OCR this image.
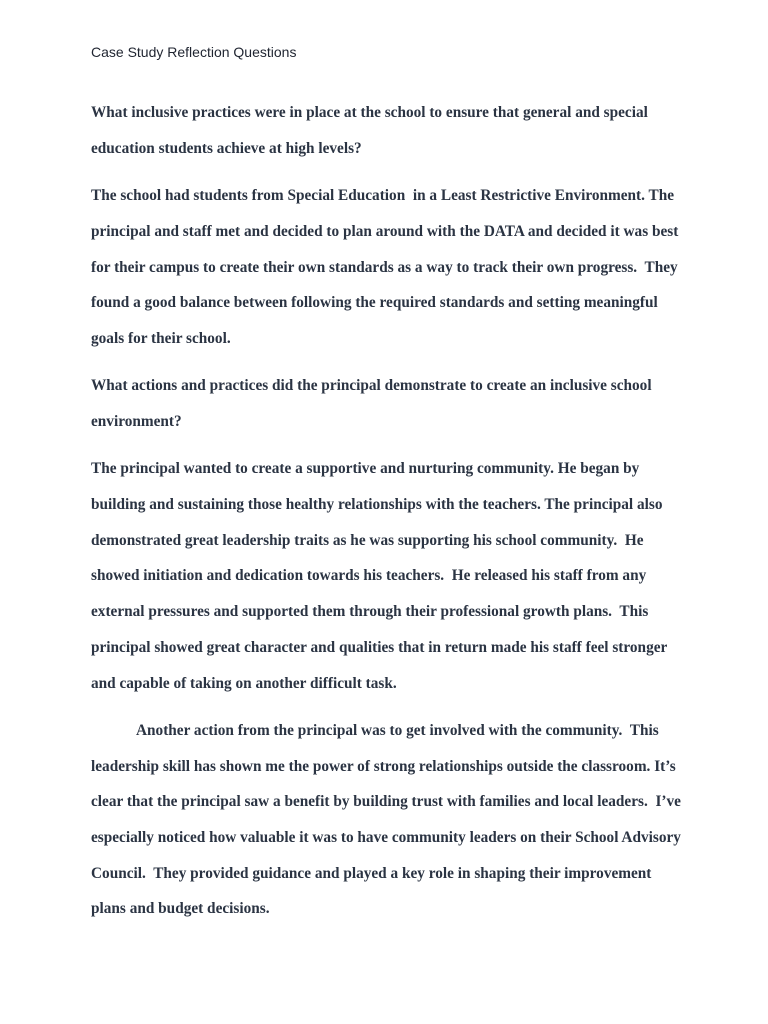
Case Study Reflection Questions
What inclusive practices were in place at the school to ensure that general and special
education students achieve at high levels?
The school had students from Special Education  in a Least Restrictive Environment. The
principal and staff met and decided to plan around with the DATA and decided it was best
for their campus to create their own standards as a way to track their own progress.  They
found a good balance between following the required standards and setting meaningful
goals for their school.
What actions and practices did the principal demonstrate to create an inclusive school
environment?
The principal wanted to create a supportive and nurturing community. He began by
building and sustaining those healthy relationships with the teachers. The principal also
demonstrated great leadership traits as he was supporting his school community.  He
showed initiation and dedication towards his teachers.  He released his staff from any
external pressures and supported them through their professional growth plans.  This
principal showed great character and qualities that in return made his staff feel stronger
and capable of taking on another difficult task.
Another action from the principal was to get involved with the community.  This
leadership skill has shown me the power of strong relationships outside the classroom. It’s
clear that the principal saw a benefit by building trust with families and local leaders.  I’ve
especially noticed how valuable it was to have community leaders on their School Advisory
Council.  They provided guidance and played a key role in shaping their improvement
plans and budget decisions.
